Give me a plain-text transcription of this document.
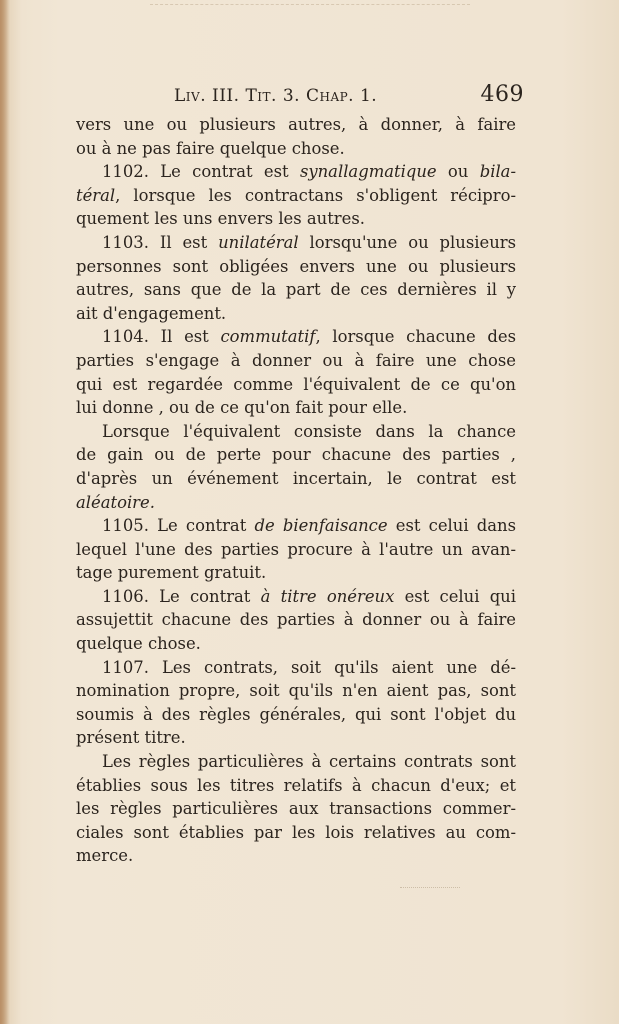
Liv. III. Tit. 3. Chap. 1.	469
vers une ou plusieurs autres, à donner, à faire
ou à ne pas faire quelque chose.
1102. Le contrat est synallagmatique ou bila-
téral, lorsque les contractans s'obligent récipro-
quement les uns envers les autres.
1103. Il est unilatéral lorsqu'une ou plusieurs
personnes sont obligées envers une ou plusieurs
autres, sans que de la part de ces dernières il y
ait d'engagement.
1104. Il est commutatif, lorsque chacune des
parties s'engage à donner ou à faire une chose
qui est regardée comme l'équivalent de ce qu'on
lui donne , ou de ce qu'on fait pour elle.
Lorsque l'équivalent consiste dans la chance
de gain ou de perte pour chacune des parties ,
d'après un événement incertain, le contrat est
aléatoire.
1105. Le contrat de bienfaisance est celui dans
lequel l'une des parties procure à l'autre un avan-
tage purement gratuit.
1106. Le contrat à titre onéreux est celui qui
assujettit chacune des parties à donner ou à faire
quelque chose.
1107. Les contrats, soit qu'ils aient une dé-
nomination propre, soit qu'ils n'en aient pas, sont
soumis à des règles générales, qui sont l'objet du
présent titre.
Les règles particulières à certains contrats sont
établies sous les titres relatifs à chacun d'eux; et
les règles particulières aux transactions commer-
ciales sont établies par les lois relatives au com-
merce.
